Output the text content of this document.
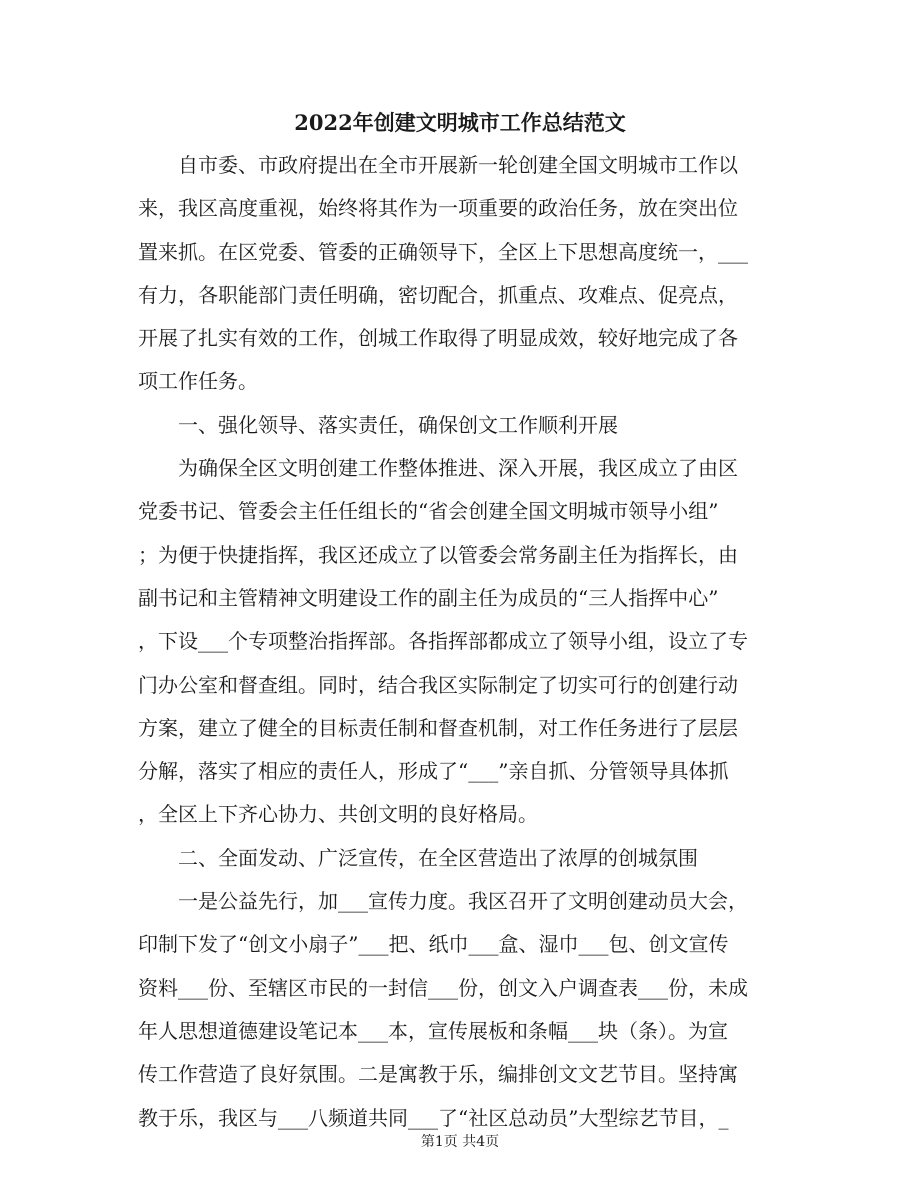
2022年创建文明城市工作总结范文
自市委、市政府提出在全市开展新一轮创建全国文明城市工作以
来，我区高度重视，始终将其作为一项重要的政治任务，放在突出位
置来抓。在区党委、管委的正确领导下，全区上下思想高度统一，___
有力，各职能部门责任明确，密切配合，抓重点、攻难点、促亮点，
开展了扎实有效的工作，创城工作取得了明显成效，较好地完成了各
项工作任务。
一、强化领导、落实责任，确保创文工作顺利开展
为确保全区文明创建工作整体推进、深入开展，我区成立了由区
党委书记、管委会主任任组长的“省会创建全国文明城市领导小组”
；为便于快捷指挥，我区还成立了以管委会常务副主任为指挥长，由
副书记和主管精神文明建设工作的副主任为成员的“三人指挥中心”
，下设___个专项整治指挥部。各指挥部都成立了领导小组，设立了专
门办公室和督查组。同时，结合我区实际制定了切实可行的创建行动
方案，建立了健全的目标责任制和督查机制，对工作任务进行了层层
分解，落实了相应的责任人，形成了“___”亲自抓、分管领导具体抓
，全区上下齐心协力、共创文明的良好格局。
二、全面发动、广泛宣传，在全区营造出了浓厚的创城氛围
一是公益先行，加___宣传力度。我区召开了文明创建动员大会，
印制下发了“创文小扇子”___把、纸巾___盒、湿巾___包、创文宣传
资料___份、至辖区市民的一封信___份，创文入户调查表___份，未成
年人思想道德建设笔记本___本，宣传展板和条幅___块（条）。为宣
传工作营造了良好氛围。二是寓教于乐，编排创文文艺节目。坚持寓
教于乐，我区与___八频道共同___了“社区总动员”大型综艺节目，_
第1页 共4页
